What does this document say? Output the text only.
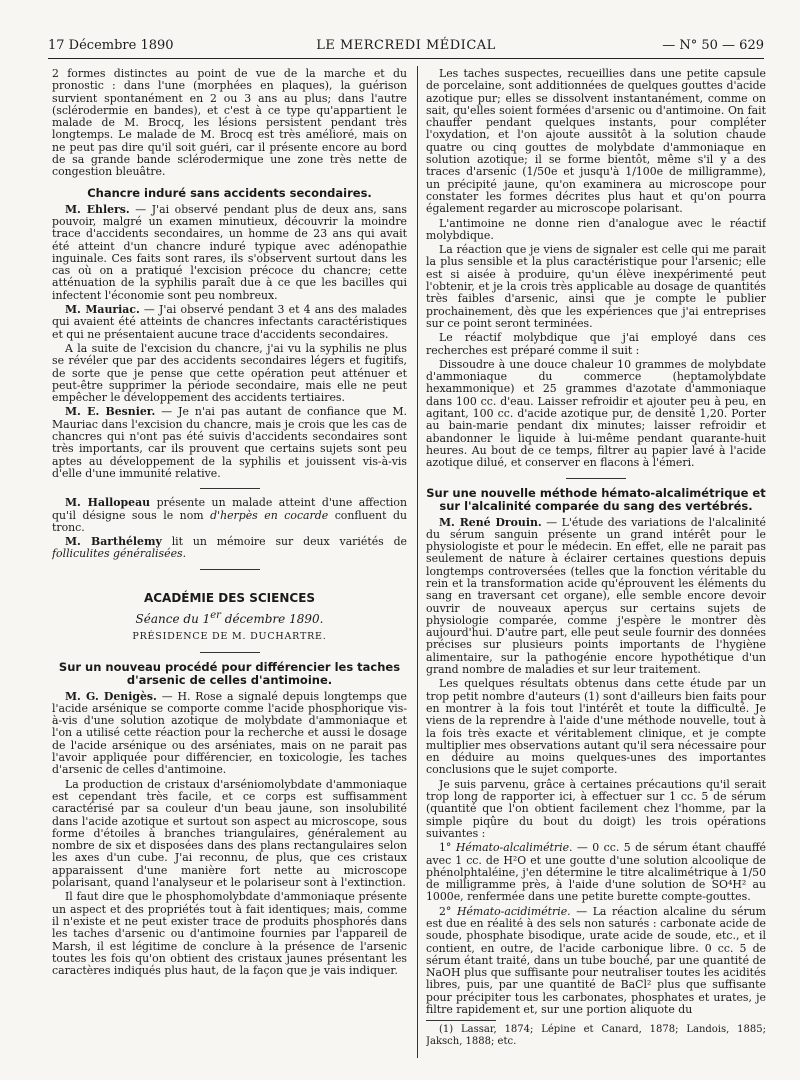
17 Décembre 1890	LE MERCREDI MÉDICAL	— N° 50 — 629

2 formes distinctes au point de vue de la marche et du pronostic : dans l'une (morphées en plaques), la guérison survient spontanément en 2 ou 3 ans au plus; dans l'autre (sclérodermie en bandes), et c'est à ce type qu'appartient le malade de M. Brocq, les lésions persistent pendant très longtemps. Le malade de M. Brocq est très amélioré, mais on ne peut pas dire qu'il soit guéri, car il présente encore au bord de sa grande bande sclérodermique une zone très nette de congestion bleuâtre.

Chancre induré sans accidents secondaires.

M. Ehlers. — J'ai observé pendant plus de deux ans, sans pouvoir, malgré un examen minutieux, découvrir la moindre trace d'accidents secondaires, un homme de 23 ans qui avait été atteint d'un chancre induré typique avec adénopathie inguinale. Ces faits sont rares, ils s'observent surtout dans les cas où on a pratiqué l'excision précoce du chancre; cette atténuation de la syphilis paraît due à ce que les bacilles qui infectent l'économie sont peu nombreux.

M. Mauriac. — J'ai observé pendant 3 et 4 ans des malades qui avaient été atteints de chancres infectants caractéristiques et qui ne présentaient aucune trace d'accidents secondaires.

A la suite de l'excision du chancre, j'ai vu la syphilis ne plus se révéler que par des accidents secondaires légers et fugitifs, de sorte que je pense que cette opération peut atténuer et peut-être supprimer la période secondaire, mais elle ne peut empêcher le développement des accidents tertiaires.

M. E. Besnier. — Je n'ai pas autant de confiance que M. Mauriac dans l'excision du chancre, mais je crois que les cas de chancres qui n'ont pas été suivis d'accidents secondaires sont très importants, car ils prouvent que certains sujets sont peu aptes au développement de la syphilis et jouissent vis-à-vis d'elle d'une immunité relative.

M. Hallopeau présente un malade atteint d'une affection qu'il désigne sous le nom d'herpès en cocarde confluent du tronc.

M. Barthélemy lit un mémoire sur deux variétés de folliculites généralisées.

ACADÉMIE DES SCIENCES
Séance du 1er décembre 1890.
PRÉSIDENCE DE M. DUCHARTRE.
Sur un nouveau procédé pour différencier les taches d'arsenic de celles d'antimoine.

M. G. Denigès. — H. Rose a signalé depuis longtemps que l'acide arsénique se comporte comme l'acide phosphorique vis-à-vis d'une solution azotique de molybdate d'ammoniaque et l'on a utilisé cette réaction pour la recherche et aussi le dosage de l'acide arsénique ou des arséniates, mais on ne parait pas l'avoir appliquée pour différencier, en toxicologie, les taches d'arsenic de celles d'antimoine.

La production de cristaux d'arséniomolybdate d'ammoniaque est cependant très facile, et ce corps est suffisamment caractérisé par sa couleur d'un beau jaune, son insolubilité dans l'acide azotique et surtout son aspect au microscope, sous forme d'étoiles à branches triangulaires, généralement au nombre de six et disposées dans des plans rectangulaires selon les axes d'un cube. J'ai reconnu, de plus, que ces cristaux apparaissent d'une manière fort nette au microscope polarisant, quand l'analyseur et le polariseur sont à l'extinction.

Il faut dire que le phosphomolybdate d'ammoniaque présente un aspect et des propriétés tout à fait identiques; mais, comme il n'existe et ne peut exister trace de produits phosphorés dans les taches d'arsenic ou d'antimoine fournies par l'appareil de Marsh, il est légitime de conclure à la présence de l'arsenic toutes les fois qu'on obtient des cristaux jaunes présentant les caractères indiqués plus haut, de la façon que je vais indiquer.

Les taches suspectes, recueillies dans une petite capsule de porcelaine, sont additionnées de quelques gouttes d'acide azotique pur; elles se dissolvent instantanément, comme on sait, qu'elles soient formées d'arsenic ou d'antimoine. On fait chauffer pendant quelques instants, pour compléter l'oxydation, et l'on ajoute aussitôt à la solution chaude quatre ou cinq gouttes de molybdate d'ammoniaque en solution azotique; il se forme bientôt, même s'il y a des traces d'arsenic (1/50e et jusqu'à 1/100e de milligramme), un précipité jaune, qu'on examinera au microscope pour constater les formes décrites plus haut et qu'on pourra également regarder au microscope polarisant.

L'antimoine ne donne rien d'analogue avec le réactif molybdique.

La réaction que je viens de signaler est celle qui me parait la plus sensible et la plus caractéristique pour l'arsenic; elle est si aisée à produire, qu'un élève inexpérimenté peut l'obtenir, et je la crois très applicable au dosage de quantités très faibles d'arsenic, ainsi que je compte le publier prochainement, dès que les expériences que j'ai entreprises sur ce point seront terminées.

Le réactif molybdique que j'ai employé dans ces recherches est préparé comme il suit :

Dissoudre à une douce chaleur 10 grammes de molybdate d'ammoniaque du commerce (heptamolybdate hexammonique) et 25 grammes d'azotate d'ammoniaque dans 100 cc. d'eau. Laisser refroidir et ajouter peu à peu, en agitant, 100 cc. d'acide azotique pur, de densité 1,20. Porter au bain-marie pendant dix minutes; laisser refroidir et abandonner le liquide à lui-même pendant quarante-huit heures. Au bout de ce temps, filtrer au papier lavé à l'acide azotique dilué, et conserver en flacons à l'émeri.

Sur une nouvelle méthode hémato-alcalimétrique et sur l'alcalinité comparée du sang des vertébrés.

M. René Drouin. — L'étude des variations de l'alcalinité du sérum sanguin présente un grand intérêt pour le physiologiste et pour le médecin. En effet, elle ne parait pas seulement de nature à éclairer certaines questions depuis longtemps controversées (telles que la fonction véritable du rein et la transformation acide qu'éprouvent les éléments du sang en traversant cet organe), elle semble encore devoir ouvrir de nouveaux aperçus sur certains sujets de physiologie comparée, comme j'espère le montrer dès aujourd'hui. D'autre part, elle peut seule fournir des données précises sur plusieurs points importants de l'hygiène alimentaire, sur la pathogénie encore hypothétique d'un grand nombre de maladies et sur leur traitement.

Les quelques résultats obtenus dans cette étude par un trop petit nombre d'auteurs (1) sont d'ailleurs bien faits pour en montrer à la fois tout l'intérêt et toute la difficulté. Je viens de la reprendre à l'aide d'une méthode nouvelle, tout à la fois très exacte et véritablement clinique, et je compte multiplier mes observations autant qu'il sera nécessaire pour en déduire au moins quelques-unes des importantes conclusions que le sujet comporte.

Je suis parvenu, grâce à certaines précautions qu'il serait trop long de rapporter ici, à effectuer sur 1 cc. 5 de sérum (quantité que l'on obtient facilement chez l'homme, par la simple piqûre du bout du doigt) les trois opérations suivantes :

1° Hémato-alcalimétrie. — 0 cc. 5 de sérum étant chauffé avec 1 cc. de H²O et une goutte d'une solution alcoolique de phénolphtaléine, j'en détermine le titre alcalimétrique à 1/50 de milligramme près, à l'aide d'une solution de SO⁴H² au 1000e, renfermée dans une petite burette compte-gouttes.

2° Hémato-acidimétrie. — La réaction alcaline du sérum est due en réalité à des sels non saturés : carbonate acide de soude, phosphate bisodique, urate acide de soude, etc., et il contient, en outre, de l'acide carbonique libre. 0 cc. 5 de sérum étant traité, dans un tube bouché, par une quantité de NaOH plus que suffisante pour neutraliser toutes les acidités libres, puis, par une quantité de BaCl² plus que suffisante pour précipiter tous les carbonates, phosphates et urates, je filtre rapidement et, sur une portion aliquote du

(1) Lassar, 1874; Lépine et Canard, 1878; Landois, 1885; Jaksch, 1888; etc.
